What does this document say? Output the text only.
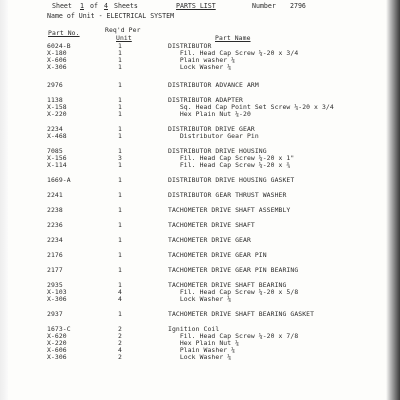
Sheet 1 of 4 Sheets	PARTS LIST	Number 2796
Name of Unit - ELECTRICAL SYSTEM
Part No.	Req'd Per
Unit	Part Name
6024-B	1	DISTRIBUTOR
X-180	1	Fil. Head Cap Screw ¼-20 x 3/4
X-606	1	Plain washer ¼
X-306	1	Lock Washer ¼
2976	1	DISTRIBUTOR ADVANCE ARM
1138	1	DISTRIBUTOR ADAPTER
X-158	1	Sq. Head Cap Point Set Screw ¼-20 x 3/4
X-220	1	Hex Plain Nut ¼-20
2234	1	DISTRIBUTOR DRIVE GEAR
X-468	1	Distributor Gear Pin
7085	1	DISTRIBUTOR DRIVE HOUSING
X-156	3	Fil. Head Cap Screw ¼-20 x 1"
X-114	1	Fil. Head Cap Screw ¼-20 x ¾
1669-A	1	DISTRIBUTOR DRIVE HOUSING GASKET
2241	1	DISTRIBUTOR GEAR THRUST WASHER
2238	1	TACHOMETER DRIVE SHAFT ASSEMBLY
2236	1	TACHOMETER DRIVE SHAFT
2234	1	TACHOMETER DRIVE GEAR
2176	1	TACHOMETER DRIVE GEAR PIN
2177	1	TACHOMETER DRIVE GEAR PIN BEARING
2935	1	TACHOMETER DRIVE SHAFT BEARING
X-103	4	Fil. Head Cap Screw ¼-20 x 5/8
X-306	4	Lock Washer ¼
2937	1	TACHOMETER DRIVE SHAFT BEARING GASKET
1673-C	2	Ignition Coil
X-620	2	Fil. Head Cap Screw ¼-20 x 7/8
X-220	2	Hex Plain Nut ¼
X-606	4	Plain Washer ¼
X-306	2	Lock Washer ¼
